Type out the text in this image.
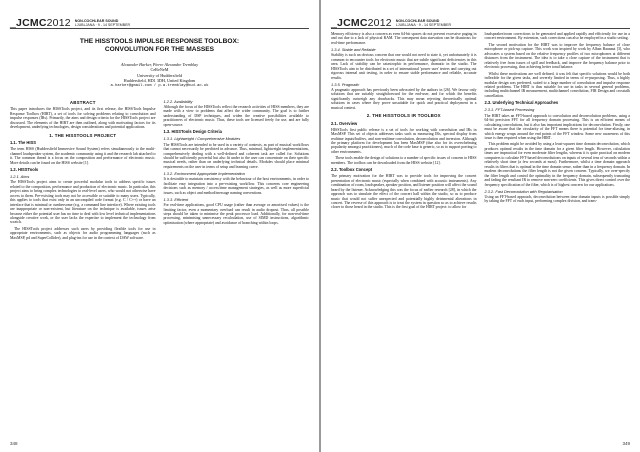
_JCMC2012 NON-COCHLEAR SOUND
LJUBLJANA · 9 - 14 SEPTEMBER
THE HISSTOOLS IMPULSE RESPONSE TOOLBOX:
CONVOLUTION FOR THE MASSES
Alexander Harker, Pierre Alexandre Tremblay
CeReNeM
University of Huddersfield
Huddersfield, HD1 3DH, United Kingdom
a.harker@gmail.com / p.a.tremblay@hud.ac.uk
ABSTRACT

This paper introduces the HISSTools project, and its first release, the HISSTools Impulse Response Toolbox (HIRT), a set of tools for solving problems relating to convolution and impulse responses (IRs). Primarily, the aims and design criteria for the HISSTools project are discussed. The elements of the HIRT are then outlined, along with motivating factors for its development, underlying technologies, design considerations and potential applications.

1. THE HISSTOOLS PROJECT
1.1. The HISS

The term HISS (Huddersfield Immersive Sound System) refers simultaneously to the multi-channel loudspeaker system, the academic community using it and the research lab attached to it. The common thread is a focus on the composition and performance of electronic music. More details can be found on the HISS website [1].

1.2. HISSTools
1.2.1. Aims

The HISSTools project aims to create powerful modular tools to address specific issues related to the composition, performance and production of electronic music. In particular, this project aims to bring complex technologies to real-level users, who would not otherwise have access to them. Pre-existing tools may not be accessible or suitable to many users. Typically, this applies to tools that exist only in an uncompiled code format (e.g. C / C++) or have an interface that is minimal or cumbersome (e.g. a command line interface). Where existing tools are inappropriate or non-existent, but literature on the technique is available, issues arise because either the potential user has no time to deal with low level technical implementations alongside creative work, or the user lacks the expertise to implement the technology from scratch.

The HISSTools project addresses such users by providing flexible tools for use in appropriate environments, such as objects for audio programming languages (such as MaxMSP, pd and SuperCollider), and plug-ins for use in the context of DAW software.

1.2.2. Availability

Although the focus of the HISSTools reflect the research activities of HISS members, they are made with a view to problems that affect the wider community. The goal is to further understanding of DSP techniques, and widen the creative possibilities available to practitioners of electronic music. Thus, these tools are licensed freely for use, and are fully open-source.

1.3. HISSTools Design Criteria
1.3.1. Lightweight / Comprehensive Modules

The HISSTools are intended to be used in a variety of contexts, as part of musical workflows that cannot necessarily be predicted in advance. Thus, minimal, lightweight implementations, comprehensively dealing with a well-defined and coherent task are called for. Solutions should be sufficiently powerful but also fit under to the user can concentrate on their specific musical needs, rather than on underlying technical details. Modules should place minimal requirements on the user in terms of setup and learning curve.

1.3.2. Environment Appropriate Implementation

It is desirable to maintain consistency with the behaviour of the host environments, in order to facilitate easy integration into a pre-existing workflow. This concerns core engineering decisions such as memory / access/time management strategies, as well as more superficial issues, such as object and method/message naming conventions.

1.3.3. Efficient

For real-time applications, good CPU usage (rather than average or amortised values) is the limiting factor, even a momentary overload can result in audio dropout. Thus, all possible steps should be taken to minimise the peak processor load. Additionally, for non-real-time processing, minimising unnecessary recalculation, use of SIMD instructions, algorithmic optimisation (where appropriate) and avoidance of branching within loops.

348
_JCMC2012 NON-COCHLEAR SOUND
LJUBLJANA · 9 - 14 SEPTEMBER

Memory efficiency is also a concern as even 64-bit spaces do not prevent excessive paging in and out due to a lack of physical RAM. The consequent data starvation can be disastrous for real-time performance.

1.3.4. Stable and Reliable

Stability is such an obvious concern that one would not need to state it, yet unfortunately it is common to encounter tools for electronic music that are subtle significant deficiencies in this area. Lack of stability can be catastrophic in performance, dramatic in the studio. The HISSTools aim to be distributed in a set of international 'power user' testers and carrying out rigorous internal unit testing, in order to ensure stable performance and reliable, accurate results.

1.3.5. Pragmatic

A pragmatic approach has previously been advocated by the authors in [26]. We favour only solutions that are suitably straightforward for the end-user, and for which the benefits significantly outweigh any drawbacks. This may mean rejecting theoretically optimal solutions in cases where they prove unsuitable for quick and practical deployment in a musical context.

2. THE HISSTOOLS IR TOOLBOX
2.1. Overview

HISSTools first public release is a set of tools for working with convolution and IRs in MaxMSP. This set of objects addresses tasks such as measuring IRs, spectral display from realtime inputs/buffers, and non-realtime convolution, deconvolution and inversion. Although the primary platform for development has been MaxMSP (due also for its overwhelming popularity amongst practitioners), much of the code base is generic, so as to support porting to other environments.

These tools enable the design of solutions to a number of specific issues of concern to HISS members. The toolbox can be downloaded from the HISS website [12].

2.2. Toolbox Concept

The primary motivation for the HIRT was to provide tools for improving the concert presentation of electronic music (especially when combined with acoustic instruments). Any combination of room, loudspeaker, speaker position, and listener position will affect the sound heard by the listener. Acknowledging this was the focus of earlier research [28], in which the approach was to simulate the effect of the concert hall within the studio, so as to produce music that would not suffer unexpected and potentially highly detrimental alterations in concert. The reverse of this approach is to treat the system in question so as to achieve results closer to those heard in the studio. This is the first goal of the HIRT project: to allow for

loudspeaker/room corrections to be generated and applied rapidly and efficiently for use in a concert environment. By extension, such corrections can also be employed in a studio setting.

The second motivation for the HIRT was to improve the frequency balance of close microphone or pick-up capture. This work was inspired by work by Alban Baunaut [3], who advocates a system based on the relative frequency profiles of two microphones at different distances from the instrument. The idea is to take a close capture of the instrument that is relatively free from issues of spill and feedback, and improve the frequency balance prior to electronic processing, thus achieving better tonal balance.

Whilst these motivations are well defined, it was felt that specific solutions would be both inflexible for the given tasks, and severely limited in terms of re-purposing. Thus, a highly modular design was preferred, suited to a large number of convolution and impulse response related problems. The HIRT is thus suitable for use in tasks in several general problems, including multichannel IR measurement, multichannel convolution, FIR Design and crosstalk cancellation.

2.3. Underlying Technical Approaches
2.3.1. FFT-based Processing

The HIRT takes an FFT-based approach to convolution and deconvolution problems, using a 64-bit precision FFT for all frequency domain processing. This is an efficient means of calculating convolutions, but it also has important implications for deconvolution. Firstly, one must be aware that the circularity of the FFT means there is potential for time-aliasing, in which energy wraps around the end points of the FFT window. Some new awareness of this issue is then required when using the HIRT.

This problem might be avoided by using a least-squares time domain deconvolution, which produces optimal results in the time domain for a given filter length. However, calculation times are impractical for even moderate filter lengths, whereas it is quite practical on modern computers to calculate FFT-based deconvolutions on inputs of several tens of seconds within a relatively short time (a few seconds at most). Furthermore, whilst a time domain approach results in filters that is optimal in the time domain sense, rather than in a frequency domain. In modern deconvolutions the filter length is not the given concern. Typically, we over-specify the filter length and control the optimality in the frequency domain, subsequently truncating and fading the resultant IR to remove non-zero coefficients. This gives direct control over the frequency specification of the filter, which is of highest concern for our applications.

2.3.2. Fast Deconvolution with Regularisation

Using an FFT-based approach, deconvolution between time domain inputs is possible simply by taking the FFT of each input, performing complex division, and trans-

349
